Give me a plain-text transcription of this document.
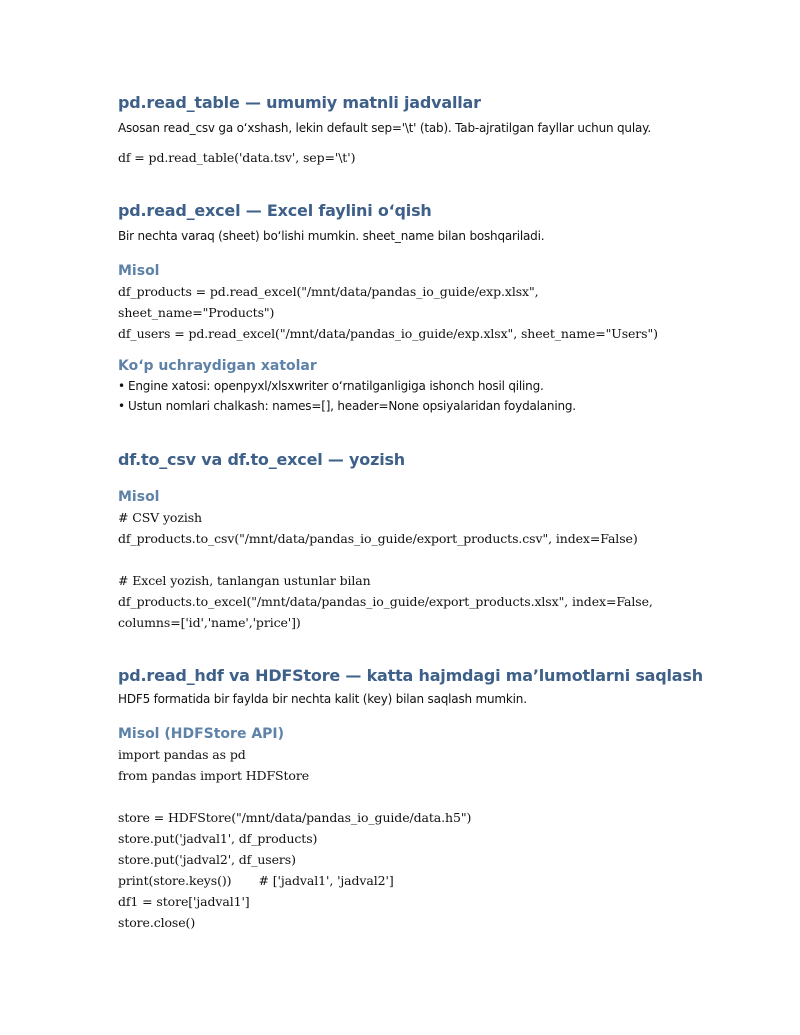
pd.read_table — umumiy matnli jadvallar

Asosan read_csv ga o‘xshash, lekin default sep='\t' (tab). Tab-ajratilgan fayllar uchun qulay.

df = pd.read_table('data.tsv', sep='\t')
pd.read_excel — Excel faylini o‘qish

Bir nechta varaq (sheet) bo‘lishi mumkin. sheet_name bilan boshqariladi.

Misol
df_products = pd.read_excel("/mnt/data/pandas_io_guide/exp.xlsx",
sheet_name="Products")
df_users = pd.read_excel("/mnt/data/pandas_io_guide/exp.xlsx", sheet_name="Users")
Ko‘p uchraydigan xatolar
• Engine xatosi: openpyxl/xlsxwriter o‘rnatilganligiga ishonch hosil qiling.
• Ustun nomlari chalkash: names=[], header=None opsiyalaridan foydalaning.
df.to_csv va df.to_excel — yozish
Misol
# CSV yozish
df_products.to_csv("/mnt/data/pandas_io_guide/export_products.csv", index=False)

# Excel yozish, tanlangan ustunlar bilan
df_products.to_excel("/mnt/data/pandas_io_guide/export_products.xlsx", index=False,
columns=['id','name','price'])
pd.read_hdf va HDFStore — katta hajmdagi ma’lumotlarni saqlash

HDF5 formatida bir faylda bir nechta kalit (key) bilan saqlash mumkin.

Misol (HDFStore API)
import pandas as pd
from pandas import HDFStore

store = HDFStore("/mnt/data/pandas_io_guide/data.h5")
store.put('jadval1', df_products)
store.put('jadval2', df_users)
print(store.keys())       # ['jadval1', 'jadval2']
df1 = store['jadval1']
store.close()
